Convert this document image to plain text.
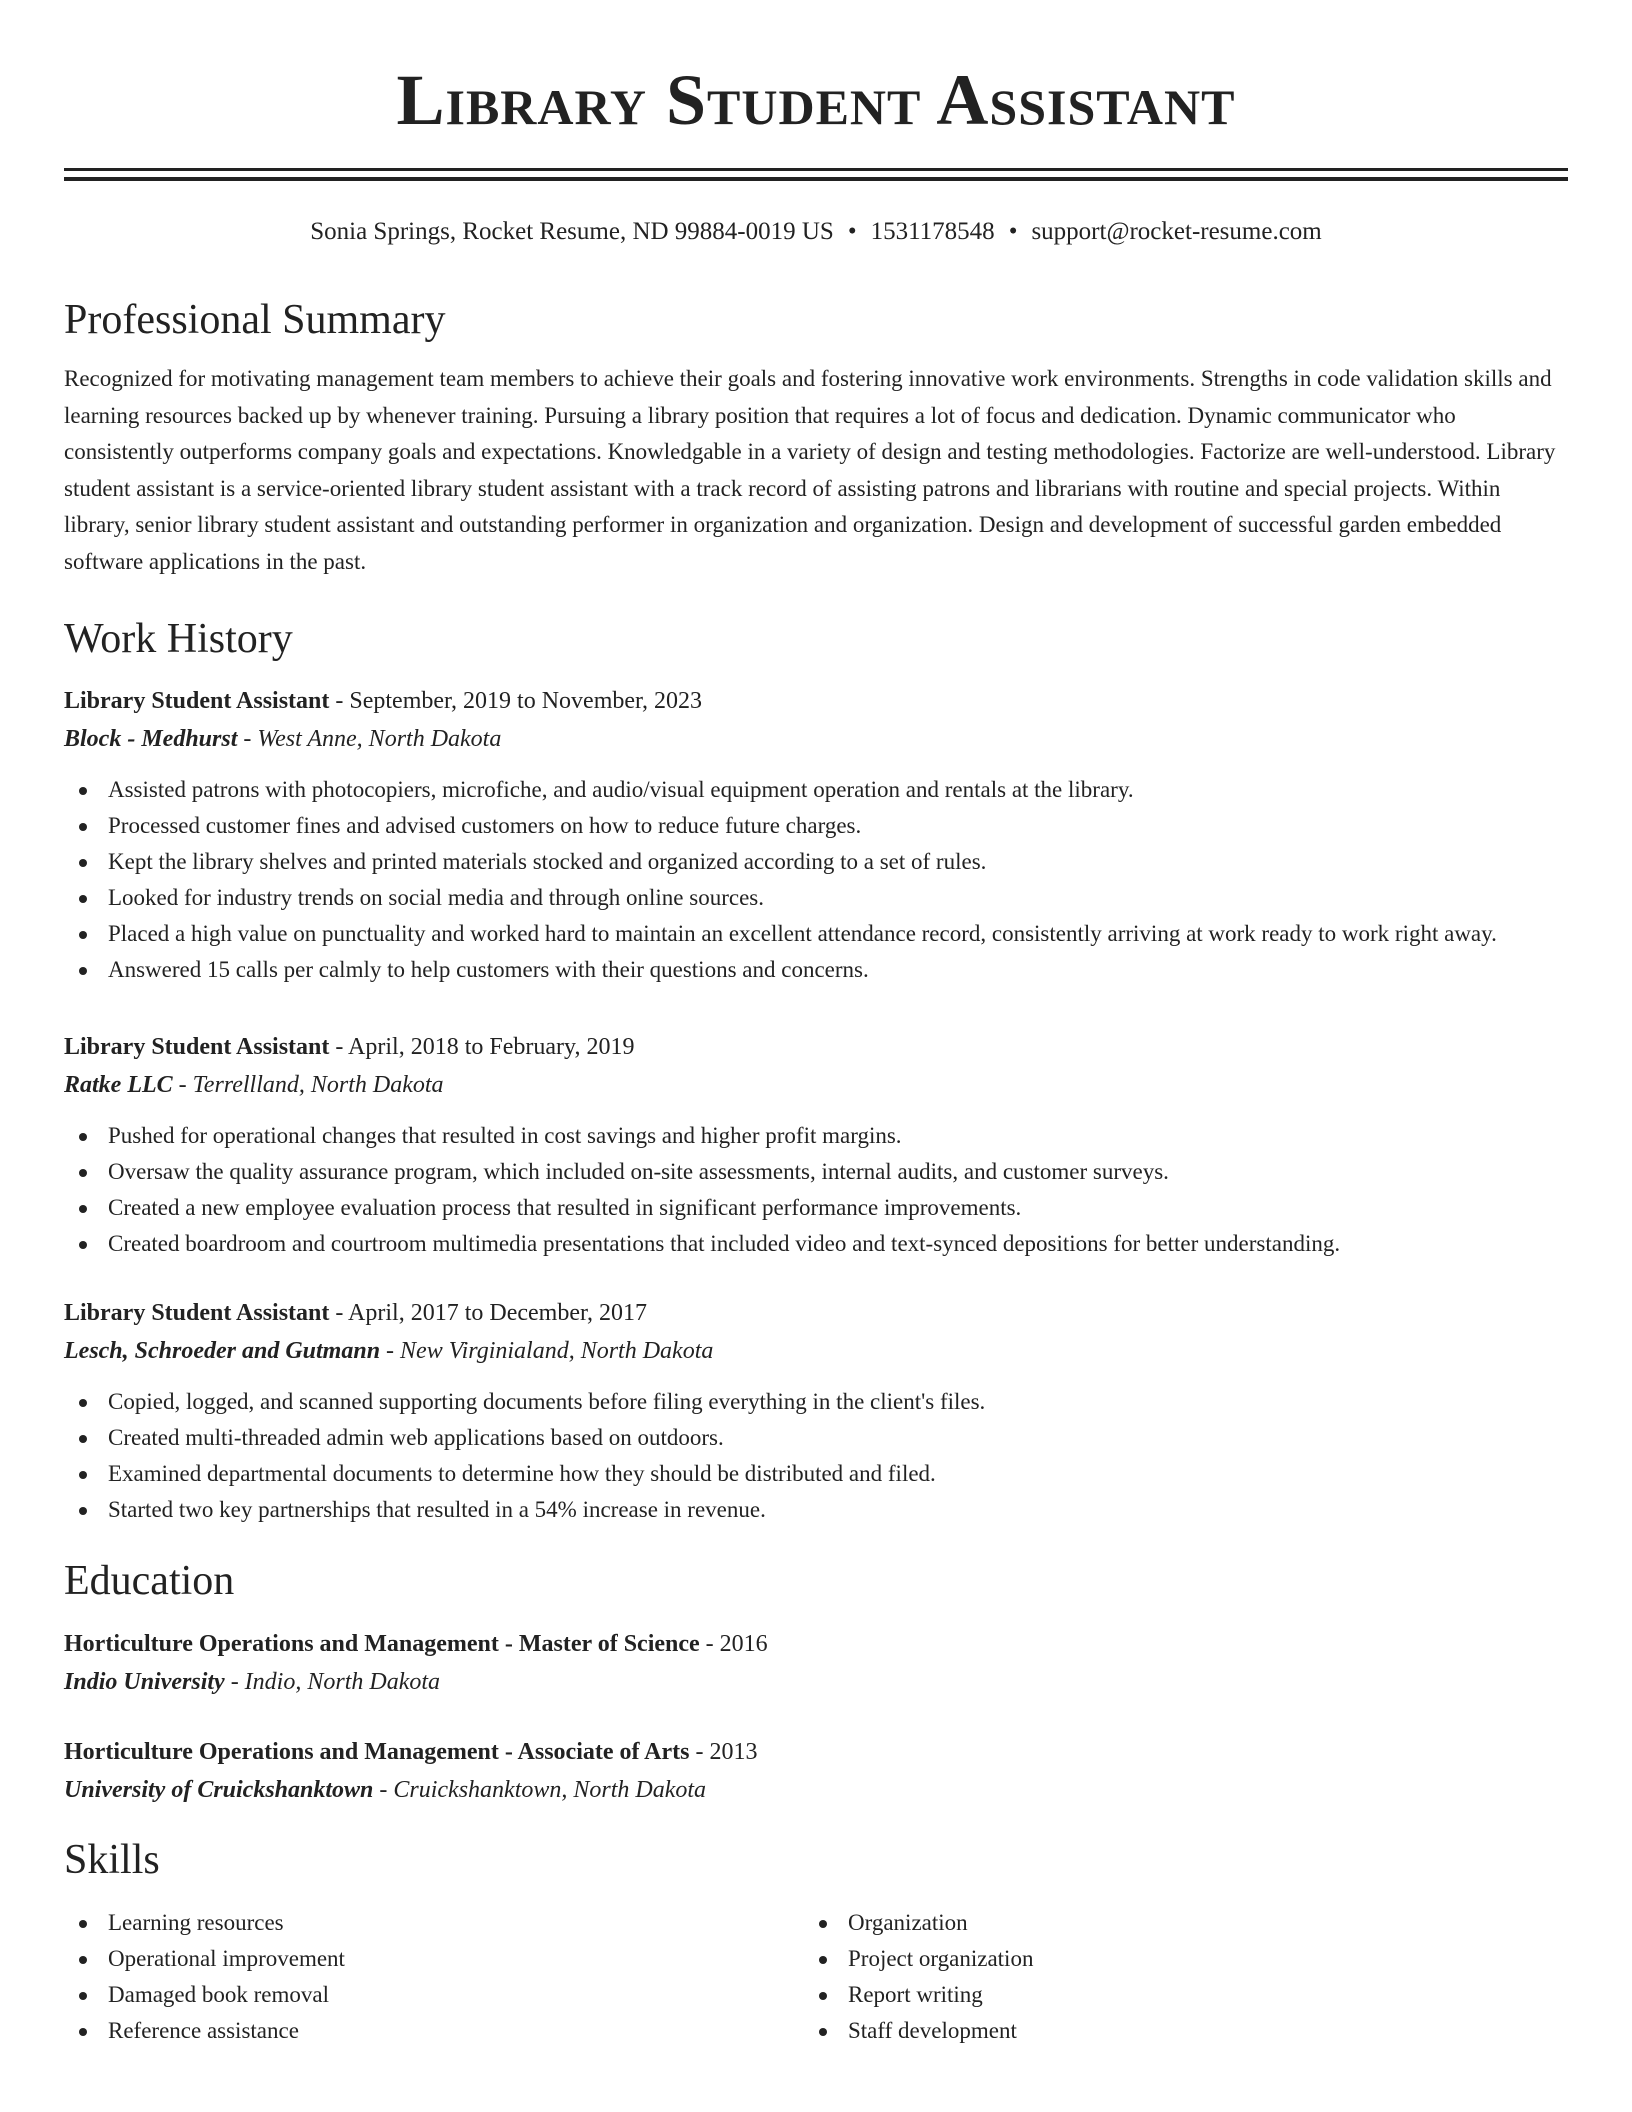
Library Student Assistant
Sonia Springs, Rocket Resume, ND 99884-0019 US • 1531178548 • support@rocket-resume.com
Professional Summary

Recognized for motivating management team members to achieve their goals and fostering innovative work environments. Strengths in code validation skills and learning resources backed up by whenever training. Pursuing a library position that requires a lot of focus and dedication. Dynamic communicator who consistently outperforms company goals and expectations. Knowledgable in a variety of design and testing methodologies. Factorize are well-understood. Library student assistant is a service-oriented library student assistant with a track record of assisting patrons and librarians with routine and special projects. Within library, senior library student assistant and outstanding performer in organization and organization. Design and development of successful garden embedded software applications in the past.

Work History
Library Student Assistant - September, 2019 to November, 2023
Block - Medhurst - West Anne, North Dakota
Assisted patrons with photocopiers, microfiche, and audio/visual equipment operation and rentals at the library.
Processed customer fines and advised customers on how to reduce future charges.
Kept the library shelves and printed materials stocked and organized according to a set of rules.
Looked for industry trends on social media and through online sources.
Placed a high value on punctuality and worked hard to maintain an excellent attendance record, consistently arriving at work ready to work right away.
Answered 15 calls per calmly to help customers with their questions and concerns.
Library Student Assistant - April, 2018 to February, 2019
Ratke LLC - Terrellland, North Dakota
Pushed for operational changes that resulted in cost savings and higher profit margins.
Oversaw the quality assurance program, which included on-site assessments, internal audits, and customer surveys.
Created a new employee evaluation process that resulted in significant performance improvements.
Created boardroom and courtroom multimedia presentations that included video and text-synced depositions for better understanding.
Library Student Assistant - April, 2017 to December, 2017
Lesch, Schroeder and Gutmann - New Virginialand, North Dakota
Copied, logged, and scanned supporting documents before filing everything in the client's files.
Created multi-threaded admin web applications based on outdoors.
Examined departmental documents to determine how they should be distributed and filed.
Started two key partnerships that resulted in a 54% increase in revenue.
Education
Horticulture Operations and Management - Master of Science - 2016
Indio University - Indio, North Dakota
Horticulture Operations and Management - Associate of Arts - 2013
University of Cruickshanktown - Cruickshanktown, North Dakota
Skills
Learning resources
Operational improvement
Damaged book removal
Reference assistance
Organization
Project organization
Report writing
Staff development
